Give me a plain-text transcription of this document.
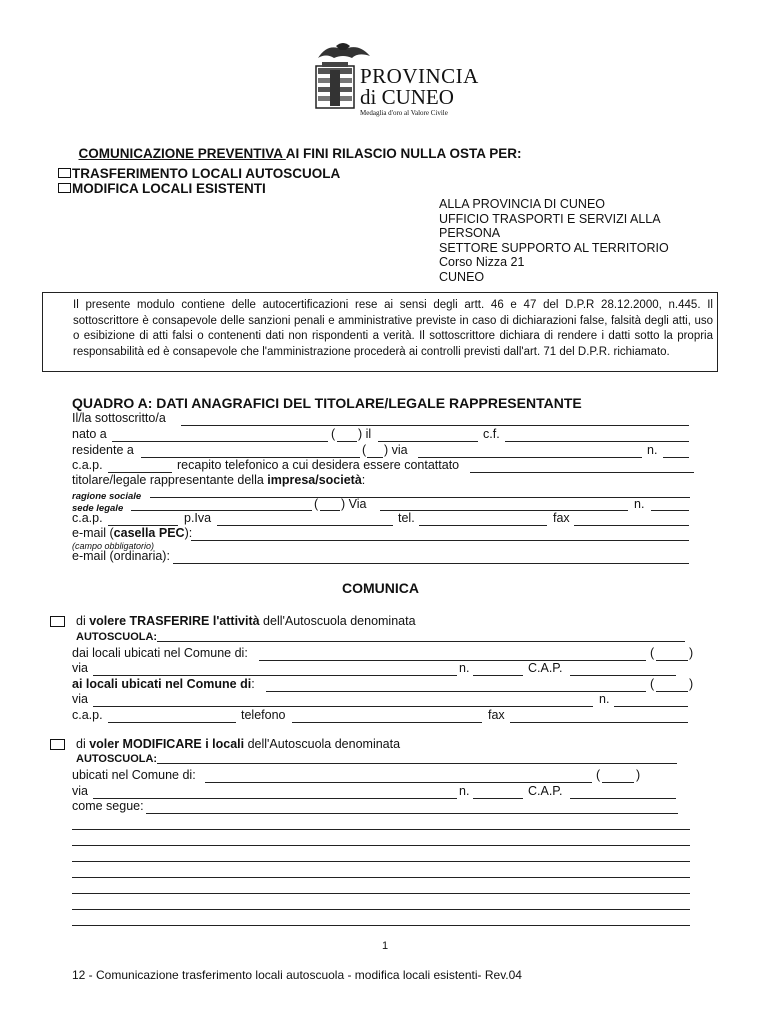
PROVINCIA
di CUNEO
Medaglia d'oro al Valore Civile

COMUNICAZIONE PREVENTIVA AI FINI RILASCIO NULLA OSTA PER:

TRASFERIMENTO LOCALI AUTOSCUOLA
MODIFICA LOCALI ESISTENTI
ALLA PROVINCIA DI CUNEO
UFFICIO TRASPORTI E SERVIZI ALLA
PERSONA
SETTORE SUPPORTO AL TERRITORIO
Corso Nizza 21
CUNEO
Il presente modulo contiene delle autocertificazioni rese ai sensi degli artt. 46 e 47 del D.P.R 28.12.2000, n.445. Il sottoscrittore è consapevole delle sanzioni penali e amministrative previste in caso di dichiarazioni false, falsità degli atti, uso o esibizione di atti falsi o contenenti dati non rispondenti a verità. Il sottoscrittore dichiara di rendere i datti sotto la propria responsabilità ed è consapevole che l'amministrazione procederà ai controlli previsti dall'art. 71 del D.P.R. richiamato.
QUADRO A: DATI ANAGRAFICI DEL TITOLARE/LEGALE RAPPRESENTANTE
Il/la sottoscritto/a
nato a	( ) il	c.f.
residente a	( ) via	n.
c.a.p.	recapito telefonico a cui desidera essere contattato
titolare/legale rappresentante della impresa/società:
ragione sociale
sede legale	( ) Via	n.
c.a.p.	p.Iva	tel.	fax
e-mail (casella PEC):
(campo obbligatorio)
e-mail (ordinaria):
COMUNICA
di volere TRASFERIRE l'attività dell'Autoscuola denominata
AUTOSCUOLA:
dai locali ubicati nel Comune di:	(	)
via	n.	C.A.P.
ai locali ubicati nel Comune di:	(	)
via	n.
c.a.p.	telefono	fax
di voler MODIFICARE i locali dell'Autoscuola denominata
AUTOSCUOLA:
ubicati nel Comune di:	(	)
via	n.	C.A.P.
come segue:
1
12 - Comunicazione trasferimento locali autoscuola - modifica locali esistenti- Rev.04
